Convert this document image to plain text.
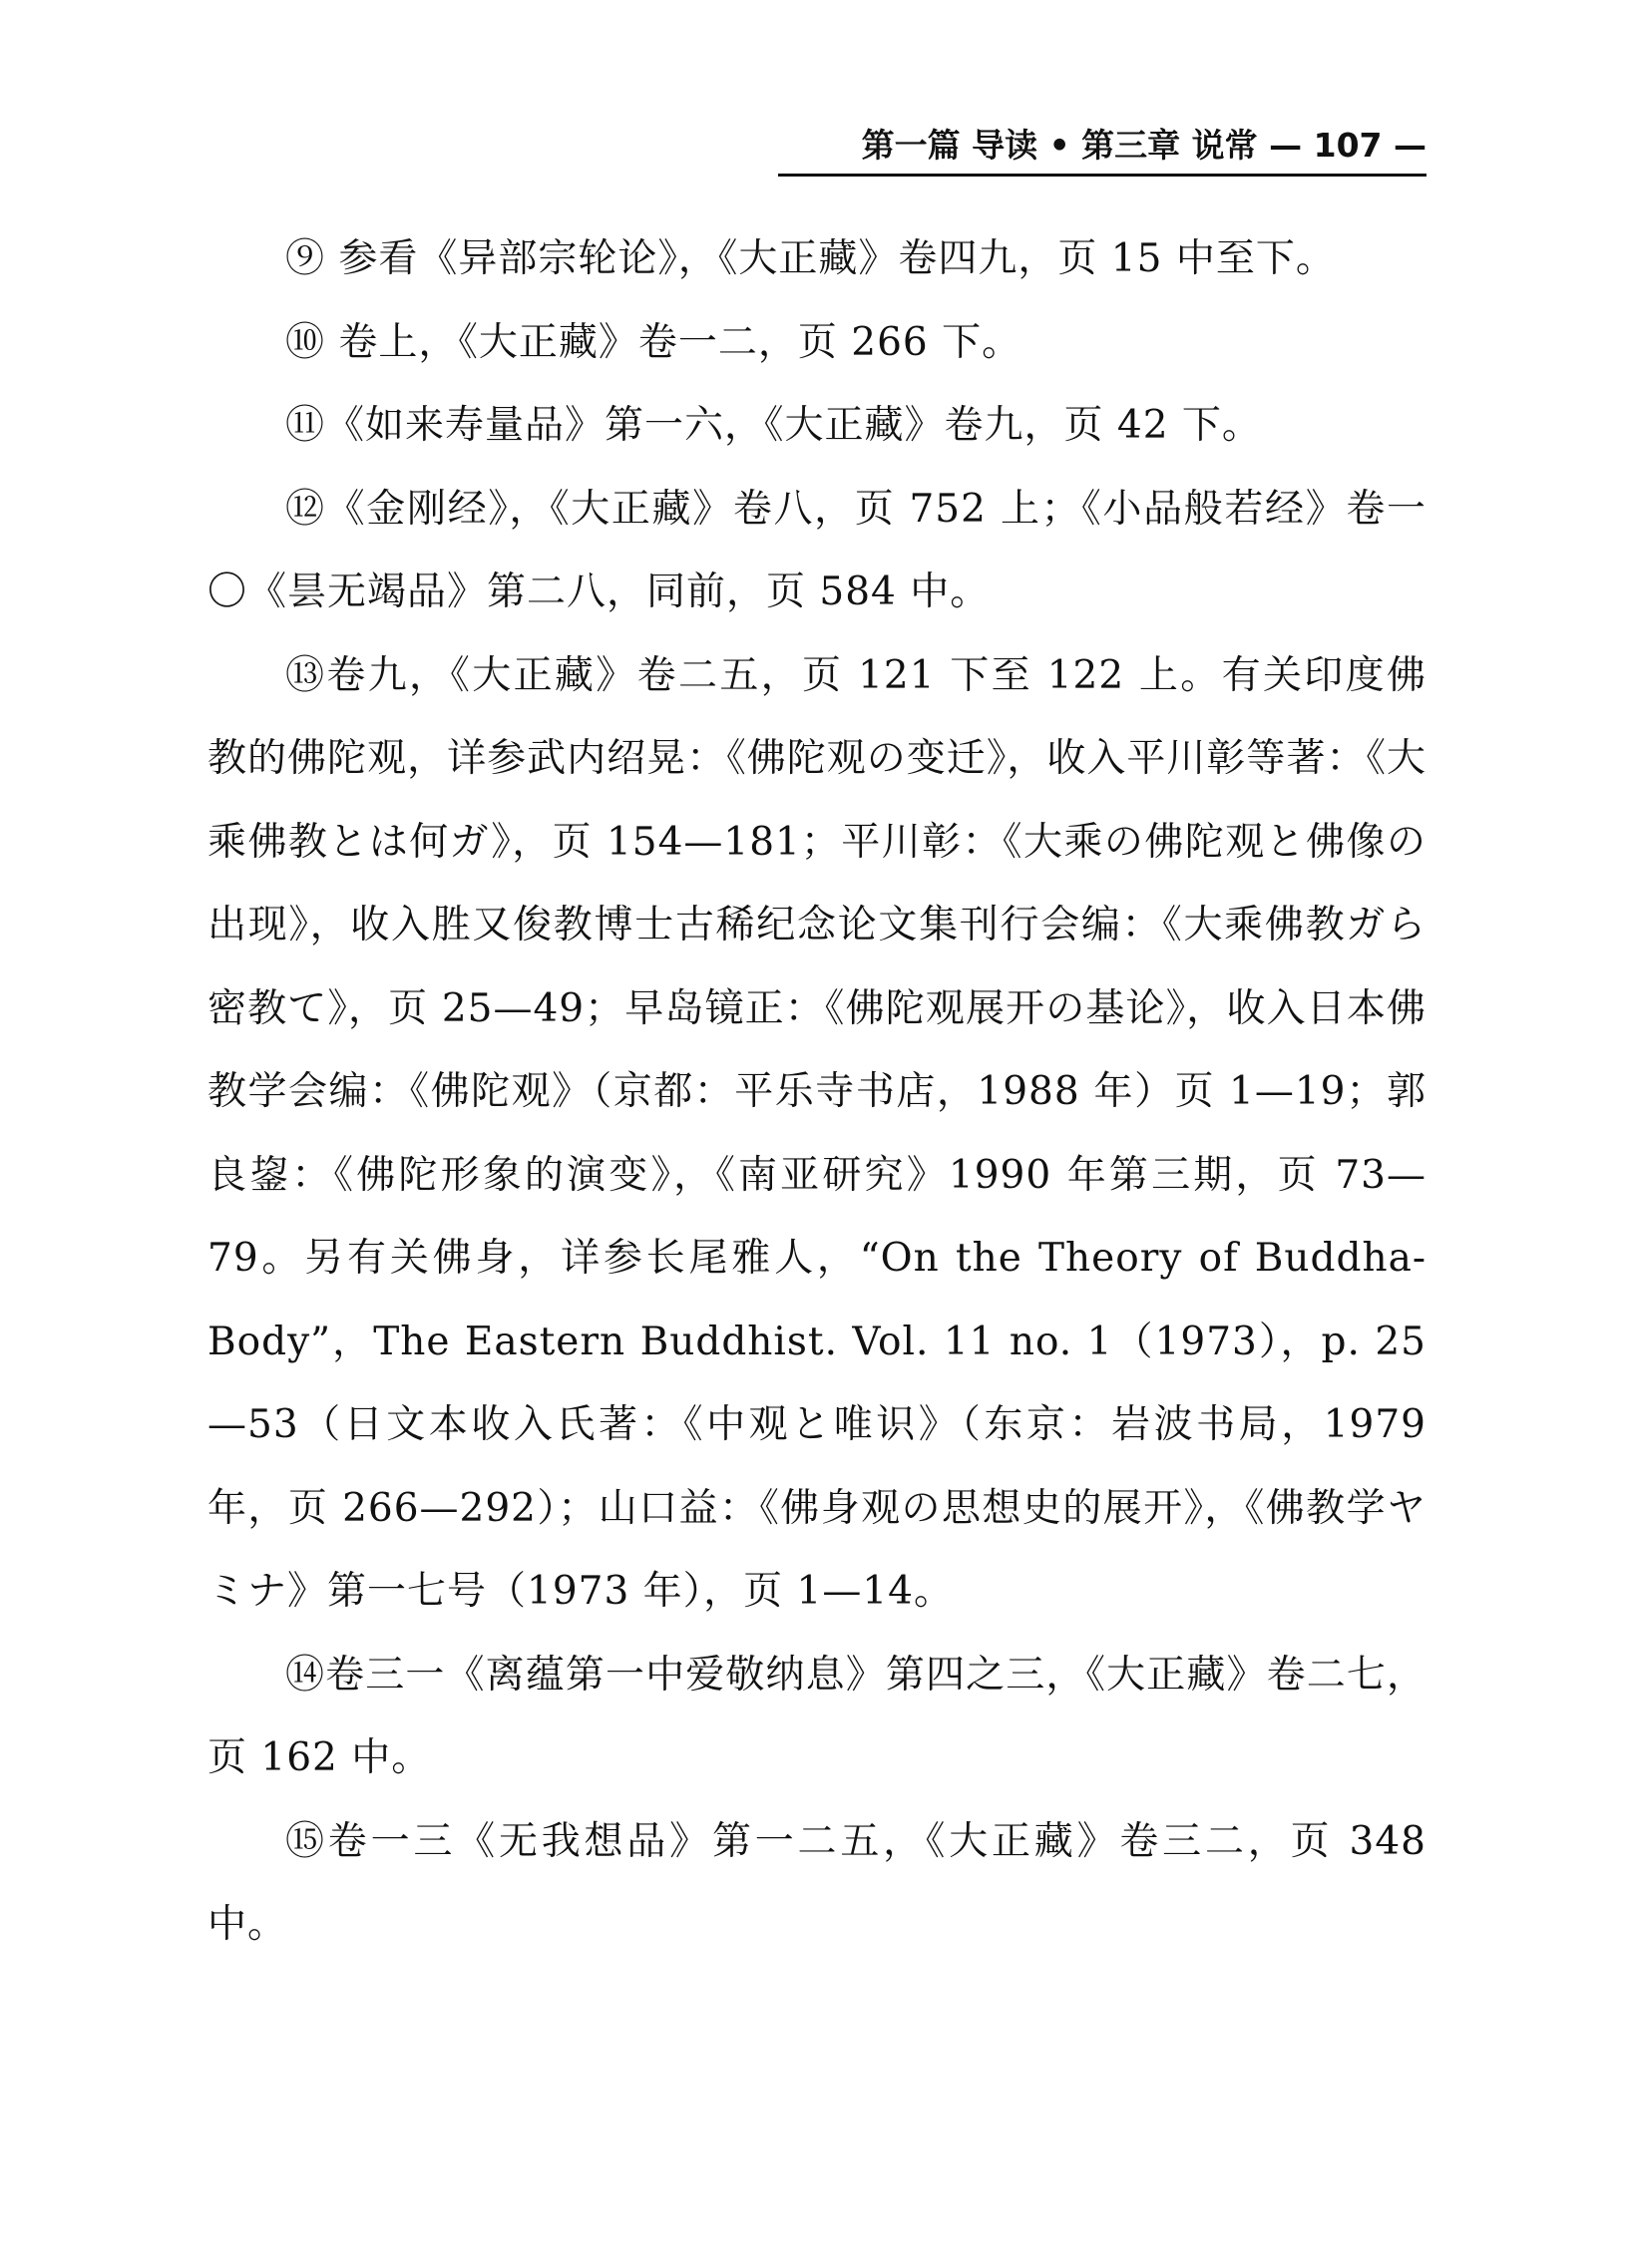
第一篇 导读 • 第三章 说常 — 107 —

⑨ 参看《异部宗轮论》，《大正藏》卷四九，页 15 中至下。

⑩ 卷上，《大正藏》卷一二，页 266 下。

⑪《如来寿量品》第一六，《大正藏》卷九，页 42 下。

⑫《金刚经》，《大正藏》卷八，页 752 上；《小品般若经》卷一〇《昙无竭品》第二八，同前，页 584 中。

⑬卷九，《大正藏》卷二五，页 121 下至 122 上。有关印度佛教的佛陀观，详参武内绍晃：《佛陀观の变迁》，收入平川彰等著：《大乘佛教とは何ガ》，页 154—181；平川彰：《大乘の佛陀观と佛像の出现》，收入胜又俊教博士古稀纪念论文集刊行会编：《大乘佛教ガら密教て》，页 25—49；早岛镜正：《佛陀观展开の基论》，收入日本佛教学会编：《佛陀观》（京都：平乐寺书店，1988 年）页 1—19；郭良鋆：《佛陀形象的演变》，《南亚研究》1990 年第三期，页 73—79。另有关佛身，详参长尾雅人，“On the Theory of Buddha-Body”，The Eastern Buddhist. Vol. 11 no. 1（1973），p. 25—53（日文本收入氏著：《中观と唯识》（东京：岩波书局，1979 年，页 266—292）；山口益：《佛身观の思想史的展开》，《佛教学ヤミナ》第一七号（1973 年），页 1—14。

⑭卷三一《离蕴第一中爱敬纳息》第四之三，《大正藏》卷二七，页 162 中。

⑮卷一三《无我想品》第一二五，《大正藏》卷三二，页 348 中。
